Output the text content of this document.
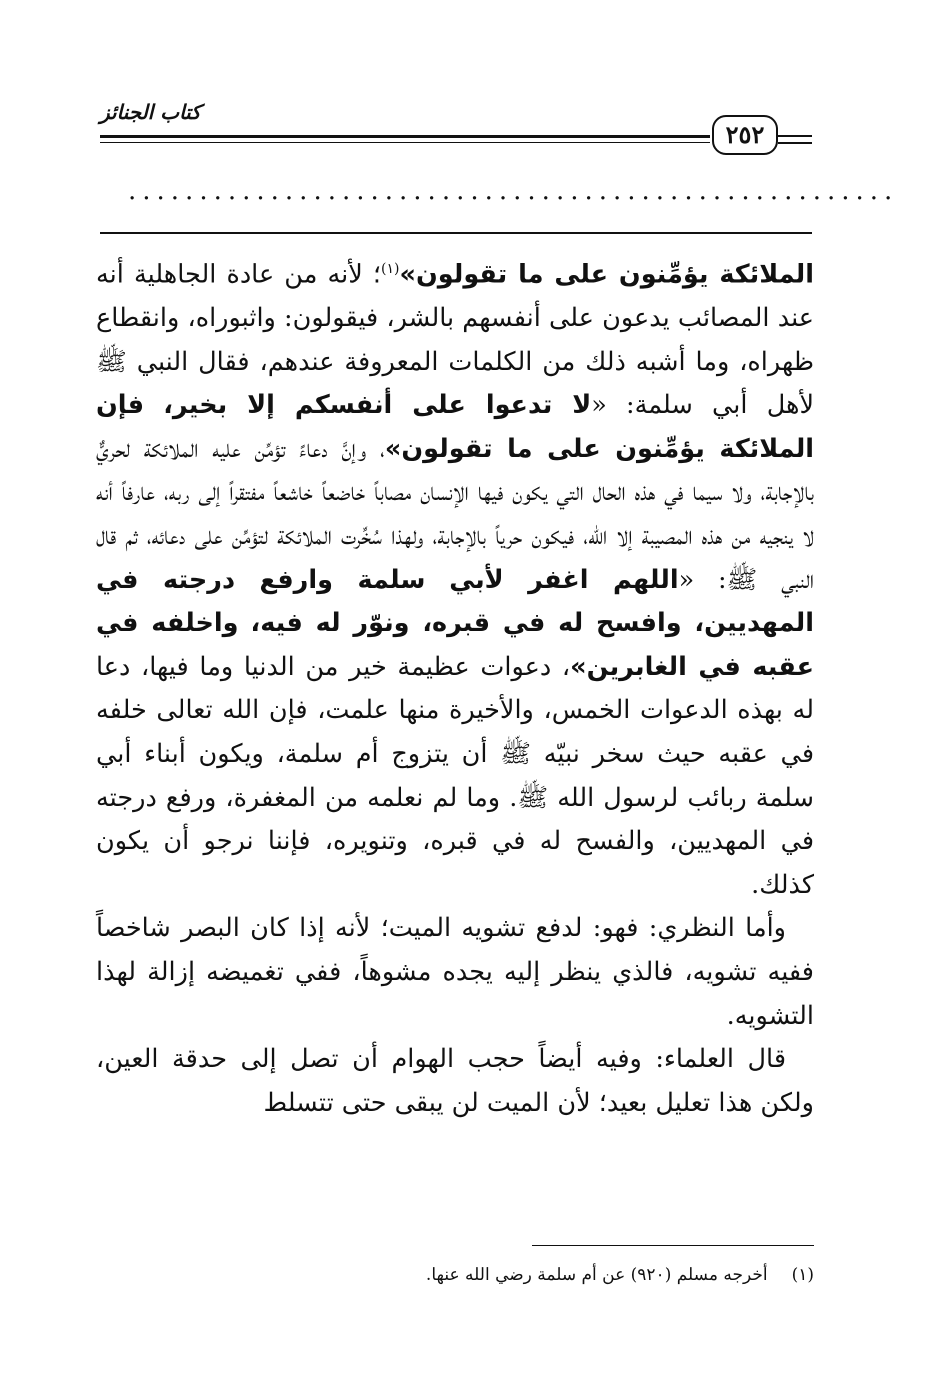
كتاب الجنائز
٢٥٢
......................................................

الملائكة يؤمِّنون على ما تقولون»$^{(١)}$؛ لأنه من عادة الجاهلية أنه عند المصائب يدعون على أنفسهم بالشر، فيقولون: واثبوراه، وانقطاع ظهراه، وما أشبه ذلك من الكلمات المعروفة عندهم، فقال النبي ﷺ لأهل أبي سلمة: «لا تدعوا على أنفسكم إلا بخير، فإن الملائكة يؤمِّنون على ما تقولون»، وإنَّ دعاءً تؤمِّن عليه الملائكة لحريٌّ بالإجابة، ولا سيما في هذه الحال التي يكون فيها الإنسان مصاباً خاضعاً خاشعاً مفتقراً إلى ربه، عارفاً أنه لا ينجيه من هذه المصيبة إلا الله، فيكون حرياً بالإجابة، ولهذا سُخِّرت الملائكة لتؤمِّن على دعائه، ثم قال النبي ﷺ: «اللهم اغفر لأبي سلمة وارفع درجته في المهديين، وافسح له في قبره، ونوّر له فيه، واخلفه في عقبه في الغابرين»، دعوات عظيمة خير من الدنيا وما فيها، دعا له بهذه الدعوات الخمس، والأخيرة منها علمت، فإن الله تعالى خلفه في عقبه حيث سخر نبيّه ﷺ أن يتزوج أم سلمة، ويكون أبناء أبي سلمة ربائب لرسول الله ﷺ. وما لم نعلمه من المغفرة، ورفع درجته في المهديين، والفسح له في قبره، وتنويره، فإننا نرجو أن يكون كذلك.

وأما النظري: فهو: لدفع تشويه الميت؛ لأنه إذا كان البصر شاخصاً ففيه تشويه، فالذي ينظر إليه يجده مشوهاً، ففي تغميضه إزالة لهذا التشويه.

قال العلماء: وفيه أيضاً حجب الهوام أن تصل إلى حدقة العين، ولكن هذا تعليل بعيد؛ لأن الميت لن يبقى حتى تتسلط

(١)أخرجه مسلم (٩٢٠) عن أم سلمة رضي الله عنها.
